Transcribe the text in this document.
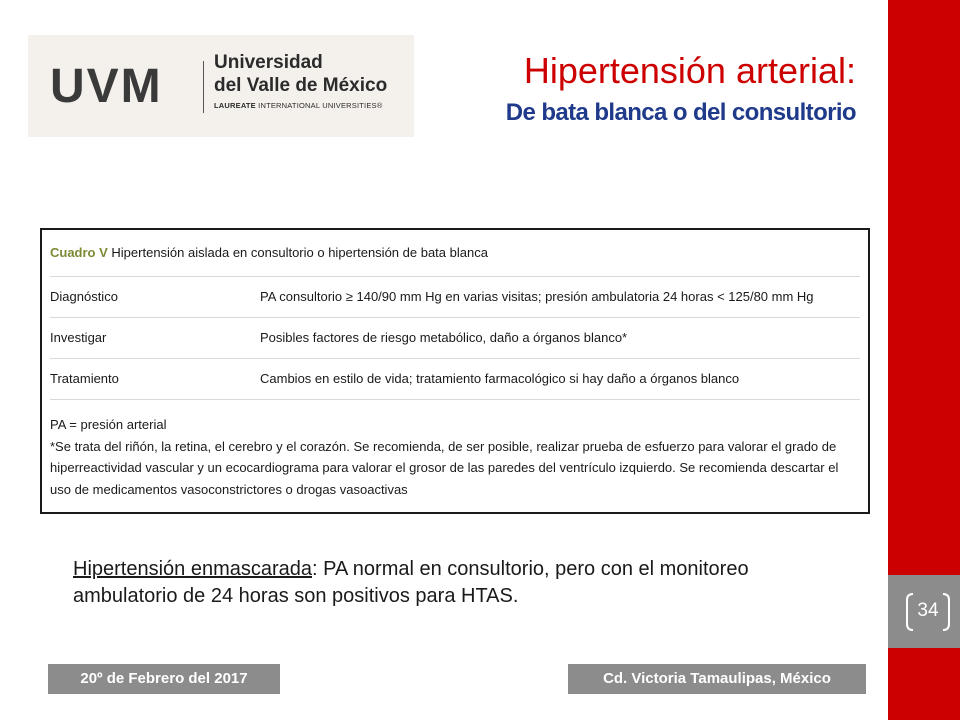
34
UVM	Universidad
del Valle de México
LAUREATE INTERNATIONAL UNIVERSITIES®
Hipertensión arterial:
De bata blanca o del consultorio
Cuadro V Hipertensión aislada en consultorio o hipertensión de bata blanca
Diagnóstico	PA consultorio ≥ 140/90 mm Hg en varias visitas; presión ambulatoria 24 horas < 125/80 mm Hg
Investigar	Posibles factores de riesgo metabólico, daño a órganos blanco*
Tratamiento	Cambios en estilo de vida; tratamiento farmacológico si hay daño a órganos blanco
PA = presión arterial
*Se trata del riñón, la retina, el cerebro y el corazón. Se recomienda, de ser posible, realizar prueba de esfuerzo para valorar el grado de hiperreactividad vascular y un ecocardiograma para valorar el grosor de las paredes del ventrículo izquierdo. Se recomienda descartar el uso de medicamentos vasoconstrictores o drogas vasoactivas
Hipertensión enmascarada: PA normal en consultorio, pero con el monitoreo ambulatorio de 24 horas son positivos para HTAS.
20º de Febrero del 2017	Cd. Victoria Tamaulipas, México
